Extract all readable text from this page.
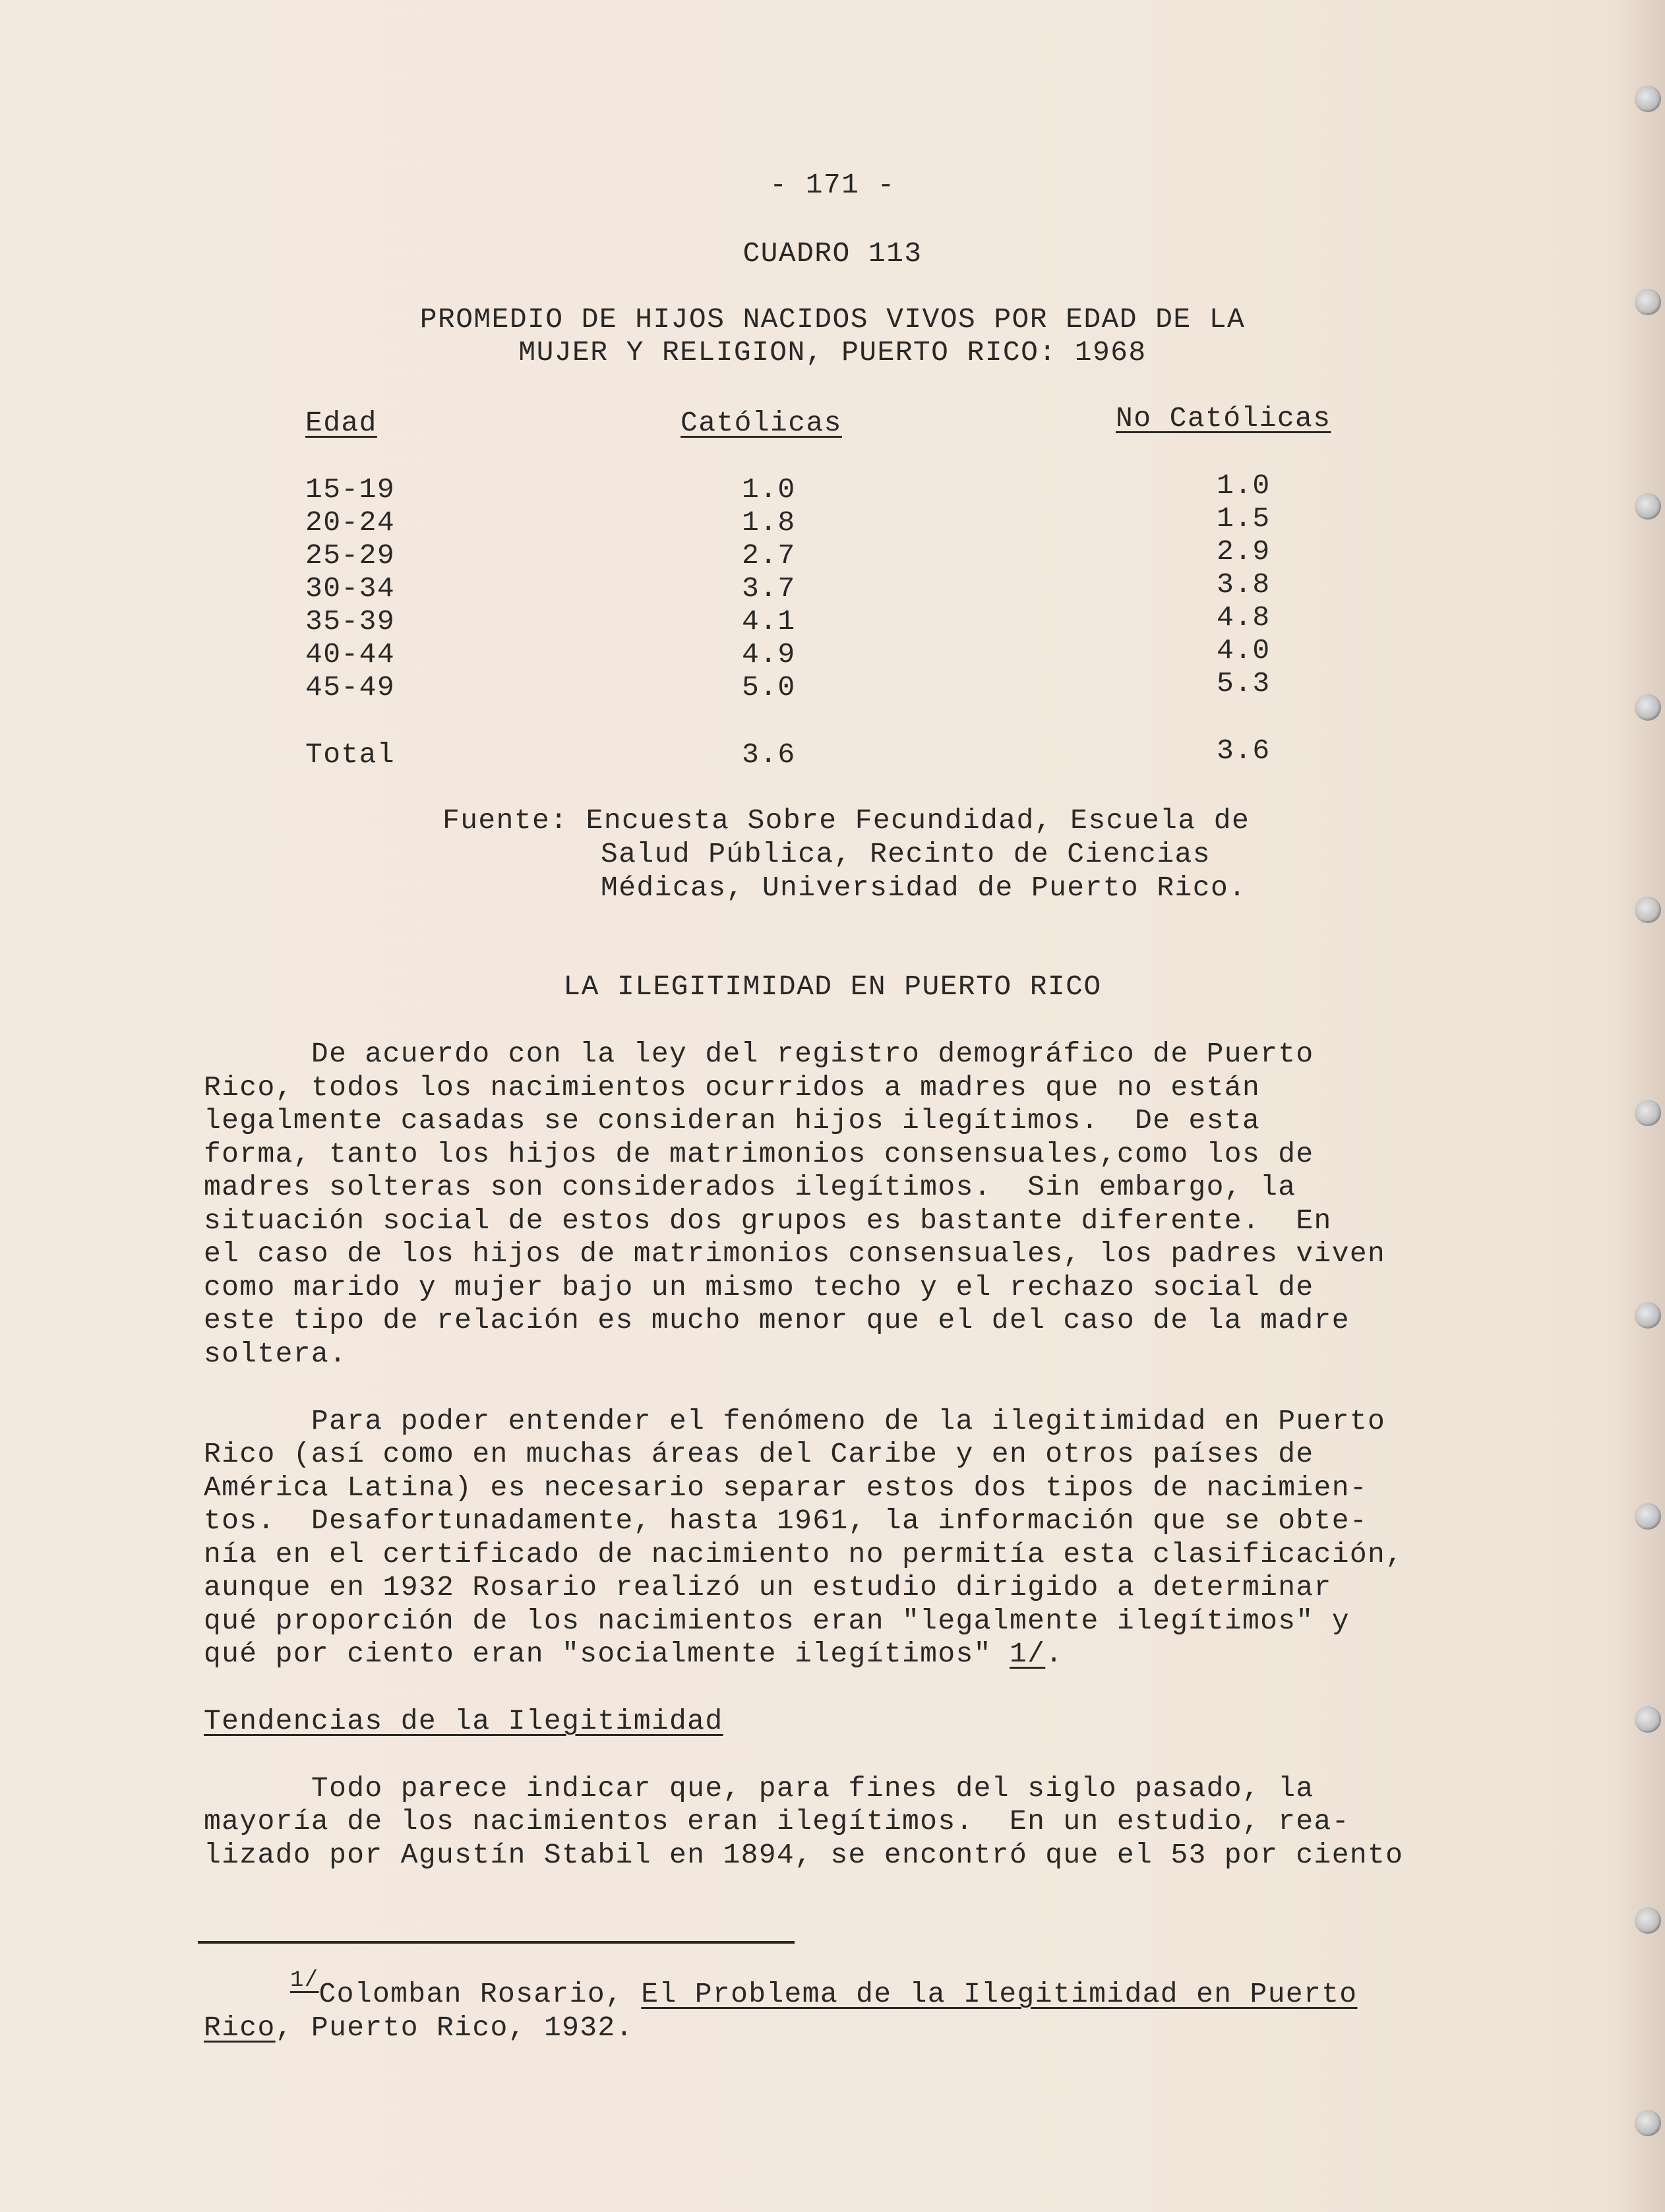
- 171 -
CUADRO 113
PROMEDIO DE HIJOS NACIDOS VIVOS POR EDAD DE LA
MUJER Y RELIGION, PUERTO RICO: 1968
Edad	Católicas	No Católicas
15-19	1.0	1.0
20-24	1.8	1.5
25-29	2.7	2.9
30-34	3.7	3.8
35-39	4.1	4.8
40-44	4.9	4.0
45-49	5.0	5.3
Total	3.6	3.6
Fuente: Encuesta Sobre Fecundidad, Escuela de
Salud Pública, Recinto de Ciencias
Médicas, Universidad de Puerto Rico.
LA ILEGITIMIDAD EN PUERTO RICO
De acuerdo con la ley del registro demográfico de Puerto
Rico, todos los nacimientos ocurridos a madres que no están
legalmente casadas se consideran hijos ilegítimos.  De esta
forma, tanto los hijos de matrimonios consensuales,como los de
madres solteras son considerados ilegítimos.  Sin embargo, la
situación social de estos dos grupos es bastante diferente.  En
el caso de los hijos de matrimonios consensuales, los padres viven
como marido y mujer bajo un mismo techo y el rechazo social de
este tipo de relación es mucho menor que el del caso de la madre
soltera.
Para poder entender el fenómeno de la ilegitimidad en Puerto
Rico (así como en muchas áreas del Caribe y en otros países de
América Latina) es necesario separar estos dos tipos de nacimien-
tos.  Desafortunadamente, hasta 1961, la información que se obte-
nía en el certificado de nacimiento no permitía esta clasificación,
aunque en 1932 Rosario realizó un estudio dirigido a determinar
qué proporción de los nacimientos eran "legalmente ilegítimos" y
qué por ciento eran "socialmente ilegítimos" 1/.
Tendencias de la Ilegitimidad
Todo parece indicar que, para fines del siglo pasado, la
mayoría de los nacimientos eran ilegítimos.  En un estudio, rea-
lizado por Agustín Stabil en 1894, se encontró que el 53 por ciento
$^{1/}$Colomban Rosario, El Problema de la Ilegitimidad en Puerto
Rico, Puerto Rico, 1932.
